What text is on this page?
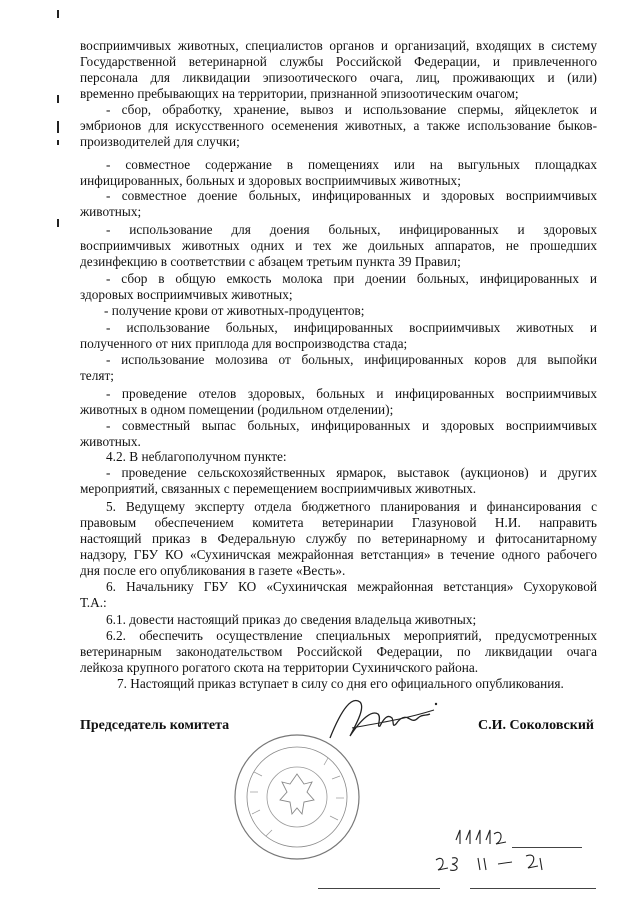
восприимчивых животных, специалистов органов и организаций, входящих в систему
Государственной ветеринарной службы Российской Федерации, и привлеченного
персонала для ликвидации эпизоотического очага, лиц, проживающих и (или)
временно пребывающих на территории, признанной эпизоотическим очагом;
- сбор, обработку, хранение, вывоз и использование спермы, яйцеклеток и
эмбрионов для искусственного осеменения животных, а также использование быков-
производителей для случки;
- совместное содержание в помещениях или на выгульных площадках
инфицированных, больных и здоровых восприимчивых животных;
- совместное доение больных, инфицированных и здоровых восприимчивых
животных;
- использование для доения больных, инфицированных и здоровых
восприимчивых животных одних и тех же доильных аппаратов, не прошедших
дезинфекцию в соответствии с абзацем третьим пункта 39 Правил;
- сбор в общую емкость молока при доении больных, инфицированных и
здоровых восприимчивых животных;
- получение крови от животных-продуцентов;
- использование больных, инфицированных восприимчивых животных и
полученного от них приплода для воспроизводства стада;
- использование молозива от больных, инфицированных коров для выпойки
телят;
- проведение отелов здоровых, больных и инфицированных восприимчивых
животных в одном помещении (родильном отделении);
- совместный выпас больных, инфицированных и здоровых восприимчивых
животных.
4.2. В неблагополучном пункте:
- проведение сельскохозяйственных ярмарок, выставок (аукционов) и других
мероприятий, связанных с перемещением восприимчивых животных.
5. Ведущему эксперту отдела бюджетного планирования и финансирования с
правовым обеспечением комитета ветеринарии Глазуновой Н.И. направить
настоящий приказ в Федеральную службу по ветеринарному и фитосанитарному
надзору, ГБУ КО «Сухиничская межрайонная ветстанция» в течение одного рабочего
дня после его опубликования в газете «Весть».
6. Начальнику ГБУ КО «Сухиничская межрайонная ветстанция» Сухоруковой
Т.А.:
6.1. довести настоящий приказ до сведения владельца животных;
6.2. обеспечить осуществление специальных мероприятий, предусмотренных
ветеринарным законодательством Российской Федерации, по ликвидации очага
лейкоза крупного рогатого скота на территории Сухиничского района.
7. Настоящий приказ вступает в силу со дня его официального опубликования.
Председатель комитета	С.И. Соколовский
